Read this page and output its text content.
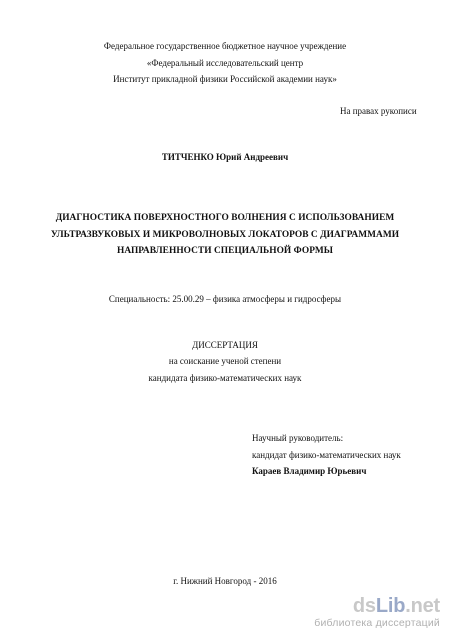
Федеральное государственное бюджетное научное учреждение
«Федеральный исследовательский центр
Институт прикладной физики Российской академии наук»
На правах рукописи
ТИТЧЕНКО Юрий Андреевич
ДИАГНОСТИКА ПОВЕРХНОСТНОГО ВОЛНЕНИЯ С ИСПОЛЬЗОВАНИЕМ
УЛЬТРАЗВУКОВЫХ И МИКРОВОЛНОВЫХ ЛОКАТОРОВ С ДИАГРАММАМИ
НАПРАВЛЕННОСТИ СПЕЦИАЛЬНОЙ ФОРМЫ
Специальность: 25.00.29 – физика атмосферы и гидросферы
ДИССЕРТАЦИЯ
на соискание ученой степени
кандидата физико-математических наук
Научный руководитель:
кандидат физико-математических наук
Караев Владимир Юрьевич
г. Нижний Новгород - 2016
dsLib.net
библиотека диссертаций
